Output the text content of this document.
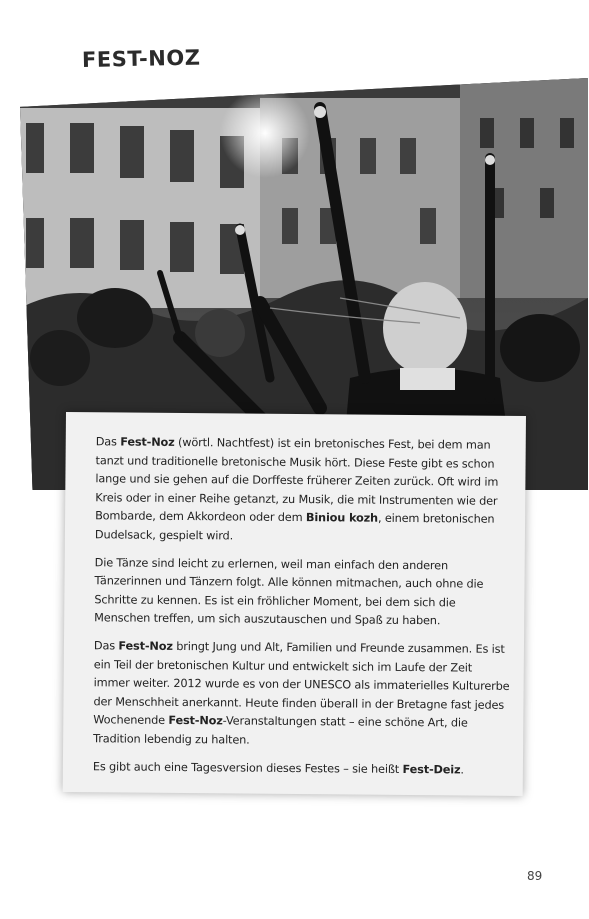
FEST-NOZ

Das Fest-Noz (wörtl. Nachtfest) ist ein bretonisches Fest, bei dem man tanzt und traditionelle bretonische Musik hört. Diese Feste gibt es schon lange und sie gehen auf die Dorffeste früherer Zeiten zurück. Oft wird im Kreis oder in einer Reihe getanzt, zu Musik, die mit Instrumenten wie der Bombarde, dem Akkordeon oder dem Biniou kozh, einem bretonischen Dudelsack, gespielt wird.

Die Tänze sind leicht zu erlernen, weil man einfach den anderen Tänzerinnen und Tänzern folgt. Alle können mitmachen, auch ohne die Schritte zu kennen. Es ist ein fröhlicher Moment, bei dem sich die Menschen treffen, um sich auszutauschen und Spaß zu haben.

Das Fest-Noz bringt Jung und Alt, Familien und Freunde zusammen. Es ist ein Teil der bretonischen Kultur und entwickelt sich im Laufe der Zeit immer weiter. 2012 wurde es von der UNESCO als immaterielles Kulturerbe der Menschheit anerkannt. Heute finden überall in der Bretagne fast jedes Wochenende Fest-Noz-Veranstaltungen statt – eine schöne Art, die Tradition lebendig zu halten.

Es gibt auch eine Tagesversion dieses Festes – sie heißt Fest-Deiz.

89
